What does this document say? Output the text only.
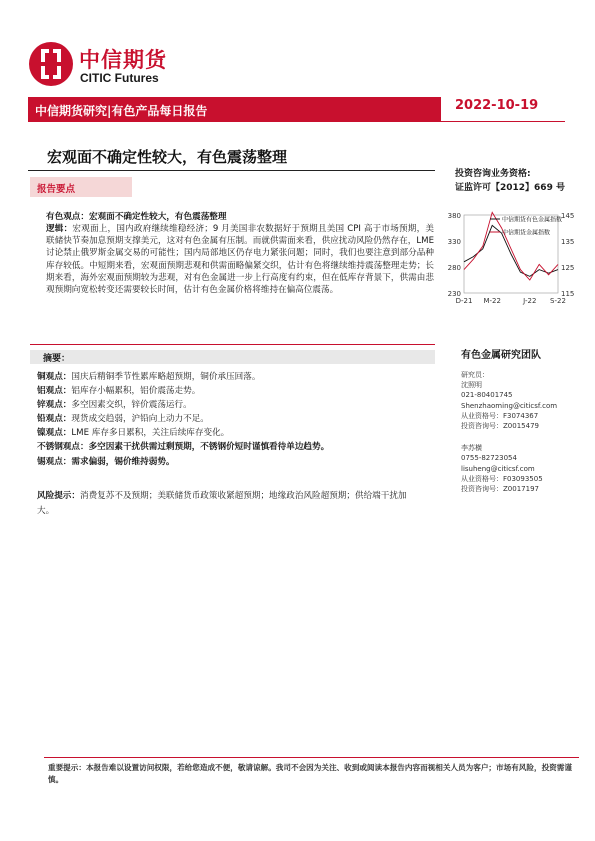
中信期货
CITIC Futures
中信期货研究|有色产品每日报告	2022-10-19
宏观面不确定性较大，有色震荡整理
投资咨询业务资格:
证监许可【2012】669 号
报告要点
有色观点：宏观面不确定性较大，有色震荡整理
逻辑：宏观面上，国内政府继续维稳经济；9 月美国非农数据好于预期且美国 CPI 高于市场预期，美联储快节奏加息预期支撑美元，这对有色金属有压制。而就供需面来看，供应扰动风险仍然存在，LME 讨论禁止俄罗斯金属交易的可能性；国内局部地区仍存电力紧张问题；同时，我们也要注意到部分品种库存较低。中短期来看，宏观面预期悲观和供需面略偏紧交织，估计有色将继续维持震荡整理走势；长期来看，海外宏观面预期较为悲观，对有色金属进一步上行高度有约束，但在低库存背景下，供需由悲观预期向宽松转变还需要较长时间，估计有色金属价格将维持在偏高位震荡。	230
280
330
380
115
125
135
145
D-21 M-22	J-22 S-22
中信期货有色金属指数
中信期货金属指数
摘要：
铜观点：国庆后精铜季节性累库略超预期，铜价承压回落。
铝观点：铝库存小幅累积，铝价震荡走势。
锌观点：多空因素交织，锌价震荡运行。
铅观点：现货成交趋弱，沪铅向上动力不足。
镍观点：LME 库存多日累积，关注后续库存变化。
不锈钢观点：多空因素干扰供需过剩预期，不锈钢价短时谨慎看待单边趋势。
锡观点：需求偏弱，锡价维持弱势。
风险提示：消费复苏不及预期；美联储货币政策收紧超预期；地缘政治风险超预期；供给端干扰加大。
有色金属研究团队
研究员：
沈照明
021-80401745
Shenzhaoming@citicsf.com
从业资格号：F3074367
投资咨询号：Z0015479
李苏横
0755-82723054
lisuheng@citicsf.com
从业资格号：F03093505
投资咨询号：Z0017197
重要提示：本报告难以设置访问权限，若给您造成不便，敬请谅解。我司不会因为关注、收到或阅读本报告内容而视相关人员为客户；市场有风险，投资需谨慎。
